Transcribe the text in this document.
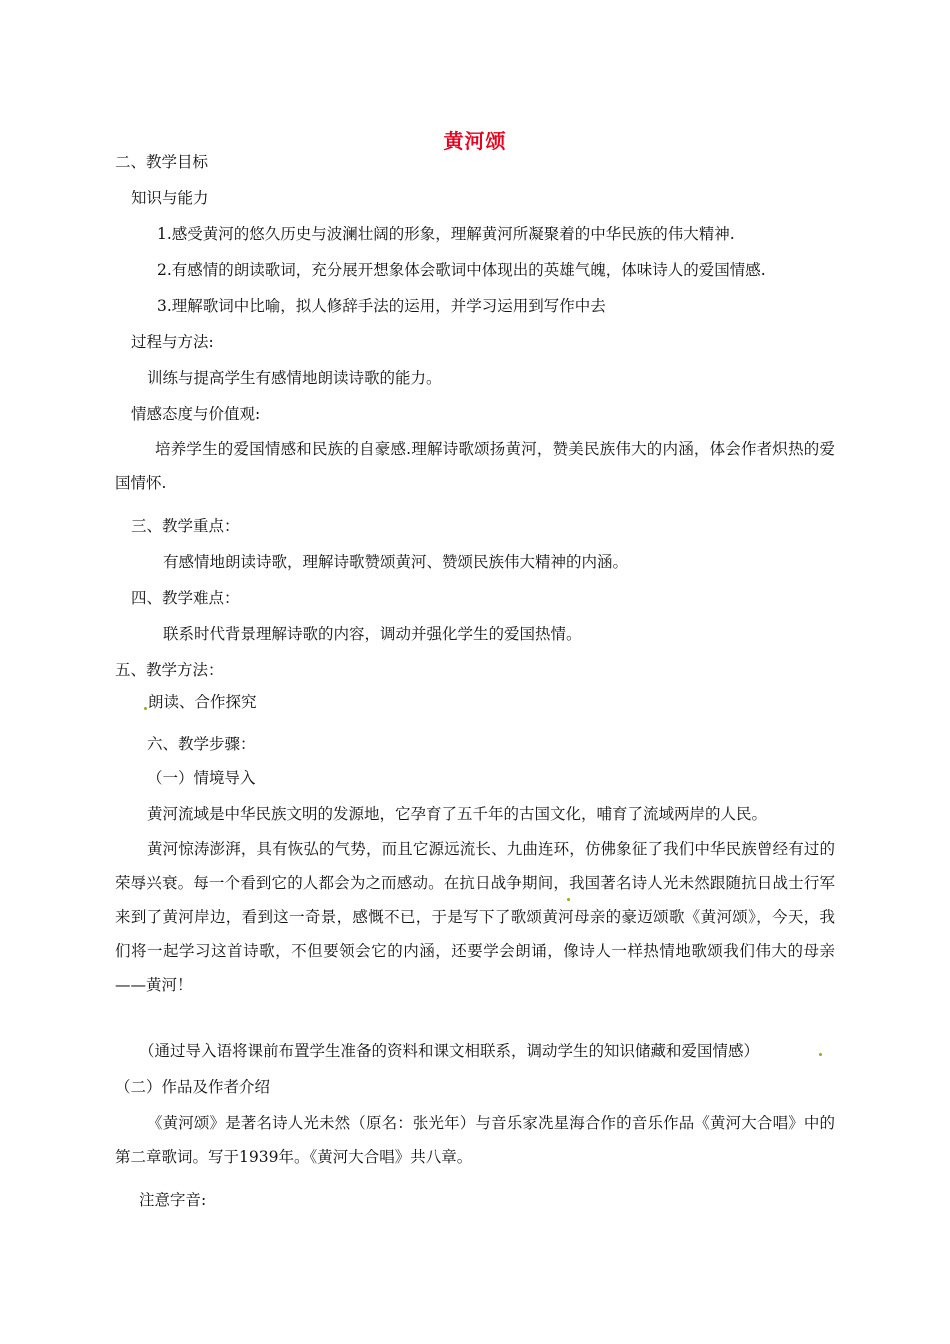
黄河颂
二、教学目标
知识与能力
1.感受黄河的悠久历史与波澜壮阔的形象，理解黄河所凝聚着的中华民族的伟大精神.
2.有感情的朗读歌词，充分展开想象体会歌词中体现出的英雄气魄，体味诗人的爱国情感.
3.理解歌词中比喻，拟人修辞手法的运用，并学习运用到写作中去
过程与方法:
训练与提高学生有感情地朗读诗歌的能力。
情感态度与价值观:
培养学生的爱国情感和民族的自豪感.理解诗歌颂扬黄河，赞美民族伟大的内涵，体会作者炽热的爱国情怀.
三、教学重点：
有感情地朗读诗歌，理解诗歌赞颂黄河、赞颂民族伟大精神的内涵。
四、教学难点：
联系时代背景理解诗歌的内容，调动并强化学生的爱国热情。
五、教学方法：
朗读、合作探究
六、教学步骤：
（一）情境导入
黄河流域是中华民族文明的发源地，它孕育了五千年的古国文化，哺育了流域两岸的人民。
黄河惊涛澎湃，具有恢弘的气势，而且它源远流长、九曲连环，仿佛象征了我们中华民族曾经有过的荣辱兴衰。每一个看到它的人都会为之而感动。在抗日战争期间，我国著名诗人光未然跟随抗日战士行军来到了黄河岸边，看到这一奇景，感慨不已，于是写下了歌颂黄河母亲的豪迈颂歌《黄河颂》，今天，我们将一起学习这首诗歌，不但要领会它的内涵，还要学会朗诵，像诗人一样热情地歌颂我们伟大的母亲——黄河！
（通过导入语将课前布置学生准备的资料和课文相联系，调动学生的知识储藏和爱国情感）
（二）作品及作者介绍
《黄河颂》是著名诗人光未然（原名：张光年）与音乐家冼星海合作的音乐作品《黄河大合唱》中的第二章歌词。写于1939年。《黄河大合唱》共八章。
注意字音:
